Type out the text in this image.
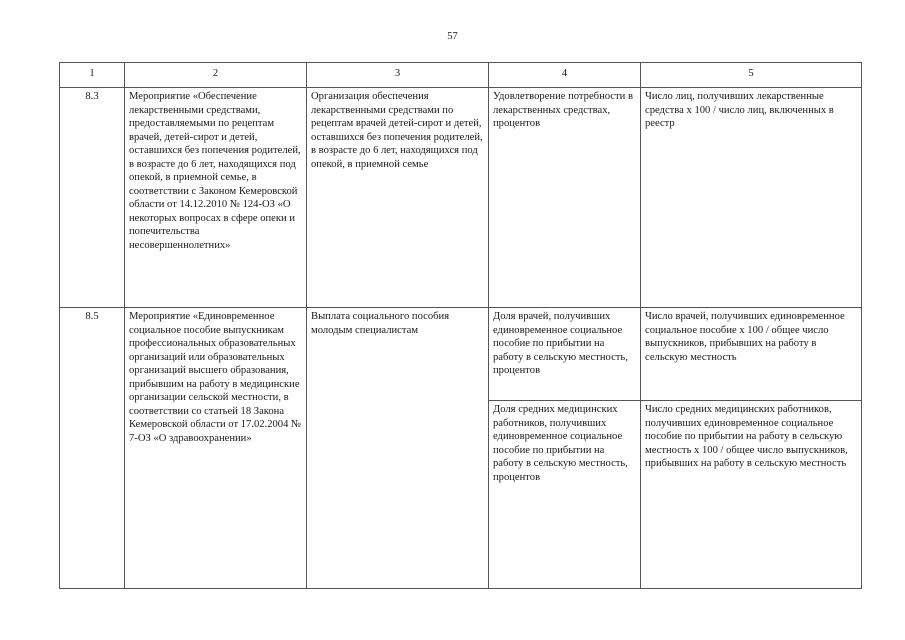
57
1	2	3	4	5
8.3	Мероприятие «Обеспечение лекарственными средствами, предоставляемыми по рецептам врачей, детей-сирот и детей, оставшихся без попечения родителей, в возрасте до 6 лет, находящихся под опекой, в приемной семье, в соответствии с Законом Кемеровской области от 14.12.2010 № 124-ОЗ «О некоторых вопросах в сфере опеки и попечительства несовершеннолетних»	Организация обеспечения лекарственными средствами по рецептам врачей детей-сирот и детей, оставшихся без попечения родителей, в возрасте до 6 лет, находящихся под опекой, в приемной семье	Удовлетворение потребности в лекарственных средствах, процентов	Число лиц, получивших лекарственные средства х 100 / число лиц, включенных в реестр
8.5	Мероприятие «Единовременное социальное пособие выпускникам профессиональных образовательных организаций или образовательных организаций высшего образования, прибывшим на работу в медицинские организации сельской местности, в соответствии со статьей 18 Закона Кемеровской области от 17.02.2004 № 7-ОЗ «О здравоохранении»	Выплата социального пособия молодым специалистам	Доля врачей, получивших единовременное социальное пособие по прибытии на работу в сельскую местность, процентов	Число врачей, получивших единовременное социальное пособие х 100 / общее число выпускников, прибывших на работу в сельскую местность
			Доля средних медицинских работников, получивших единовременное социальное пособие по прибытии на работу в сельскую местность, процентов	Число средних медицинских работников, получивших единовременное социальное пособие по прибытии на работу в сельскую местность х 100 / общее число выпускников, прибывших на работу в сельскую местность
